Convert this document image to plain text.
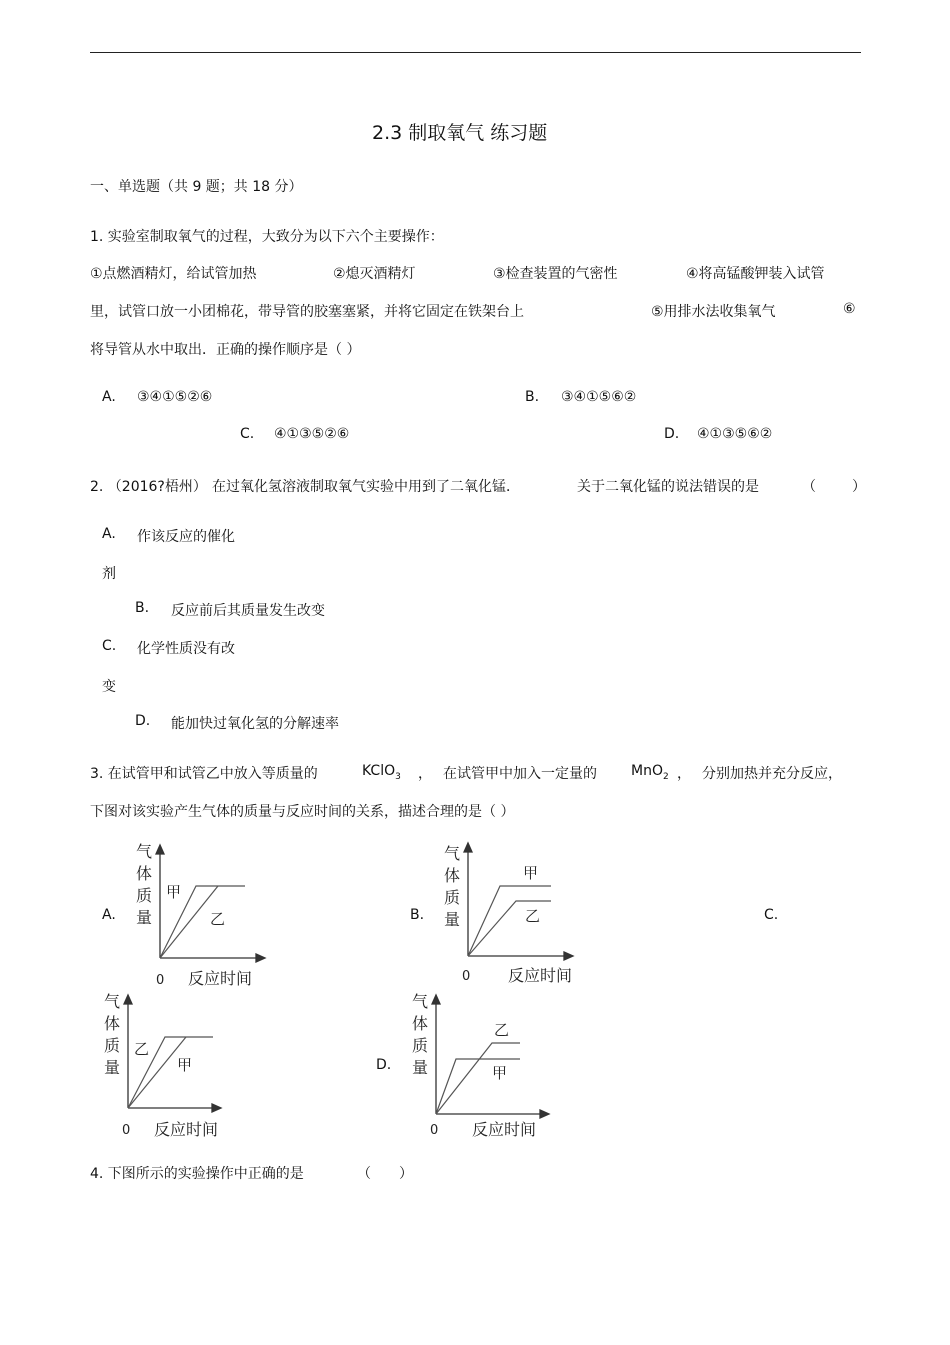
2.3 制取氧气 练习题
一、单选题（共 9 题；共 18 分）
1. 实验室制取氧气的过程，大致分为以下六个主要操作：
①点燃酒精灯，给试管加热	②熄灭酒精灯	③检查装置的气密性	④将高锰酸钾装入试管
里，试管口放一小团棉花，带导管的胶塞塞紧，并将它固定在铁架台上	⑤用排水法收集氧气	⑥
将导管从水中取出．正确的操作顺序是（ ）
A. ③④①⑤②⑥	B. ③④①⑤⑥②
C. ④①③⑤②⑥	D. ④①③⑤⑥②
2. （2016?梧州） 在过氧化氢溶液制取氧气实验中用到了二氧化锰．	关于二氧化锰的说法错误的是	（	）
A. 作该反应的催化
剂
B. 反应前后其质量发生改变
C. 化学性质没有改
变
D. 能加快过氧化氢的分解速率
3. 在试管甲和试管乙中放入等质量的	KClO$_3$ ， 在试管甲中加入一定量的 MnO$_2$ ， 分别加热并充分反应，
下图对该实验产生气体的质量与反应时间的关系，描述合理的是（ ）
A.	B.	C.
D.
气
体
质
量
甲
乙
0 反应时间
气
体
质
量
甲
乙
0 反应时间
气
体
质
量
乙
甲
0 反应时间
气
体
质
量
乙
甲
0 反应时间
4. 下图所示的实验操作中正确的是	（ ）
